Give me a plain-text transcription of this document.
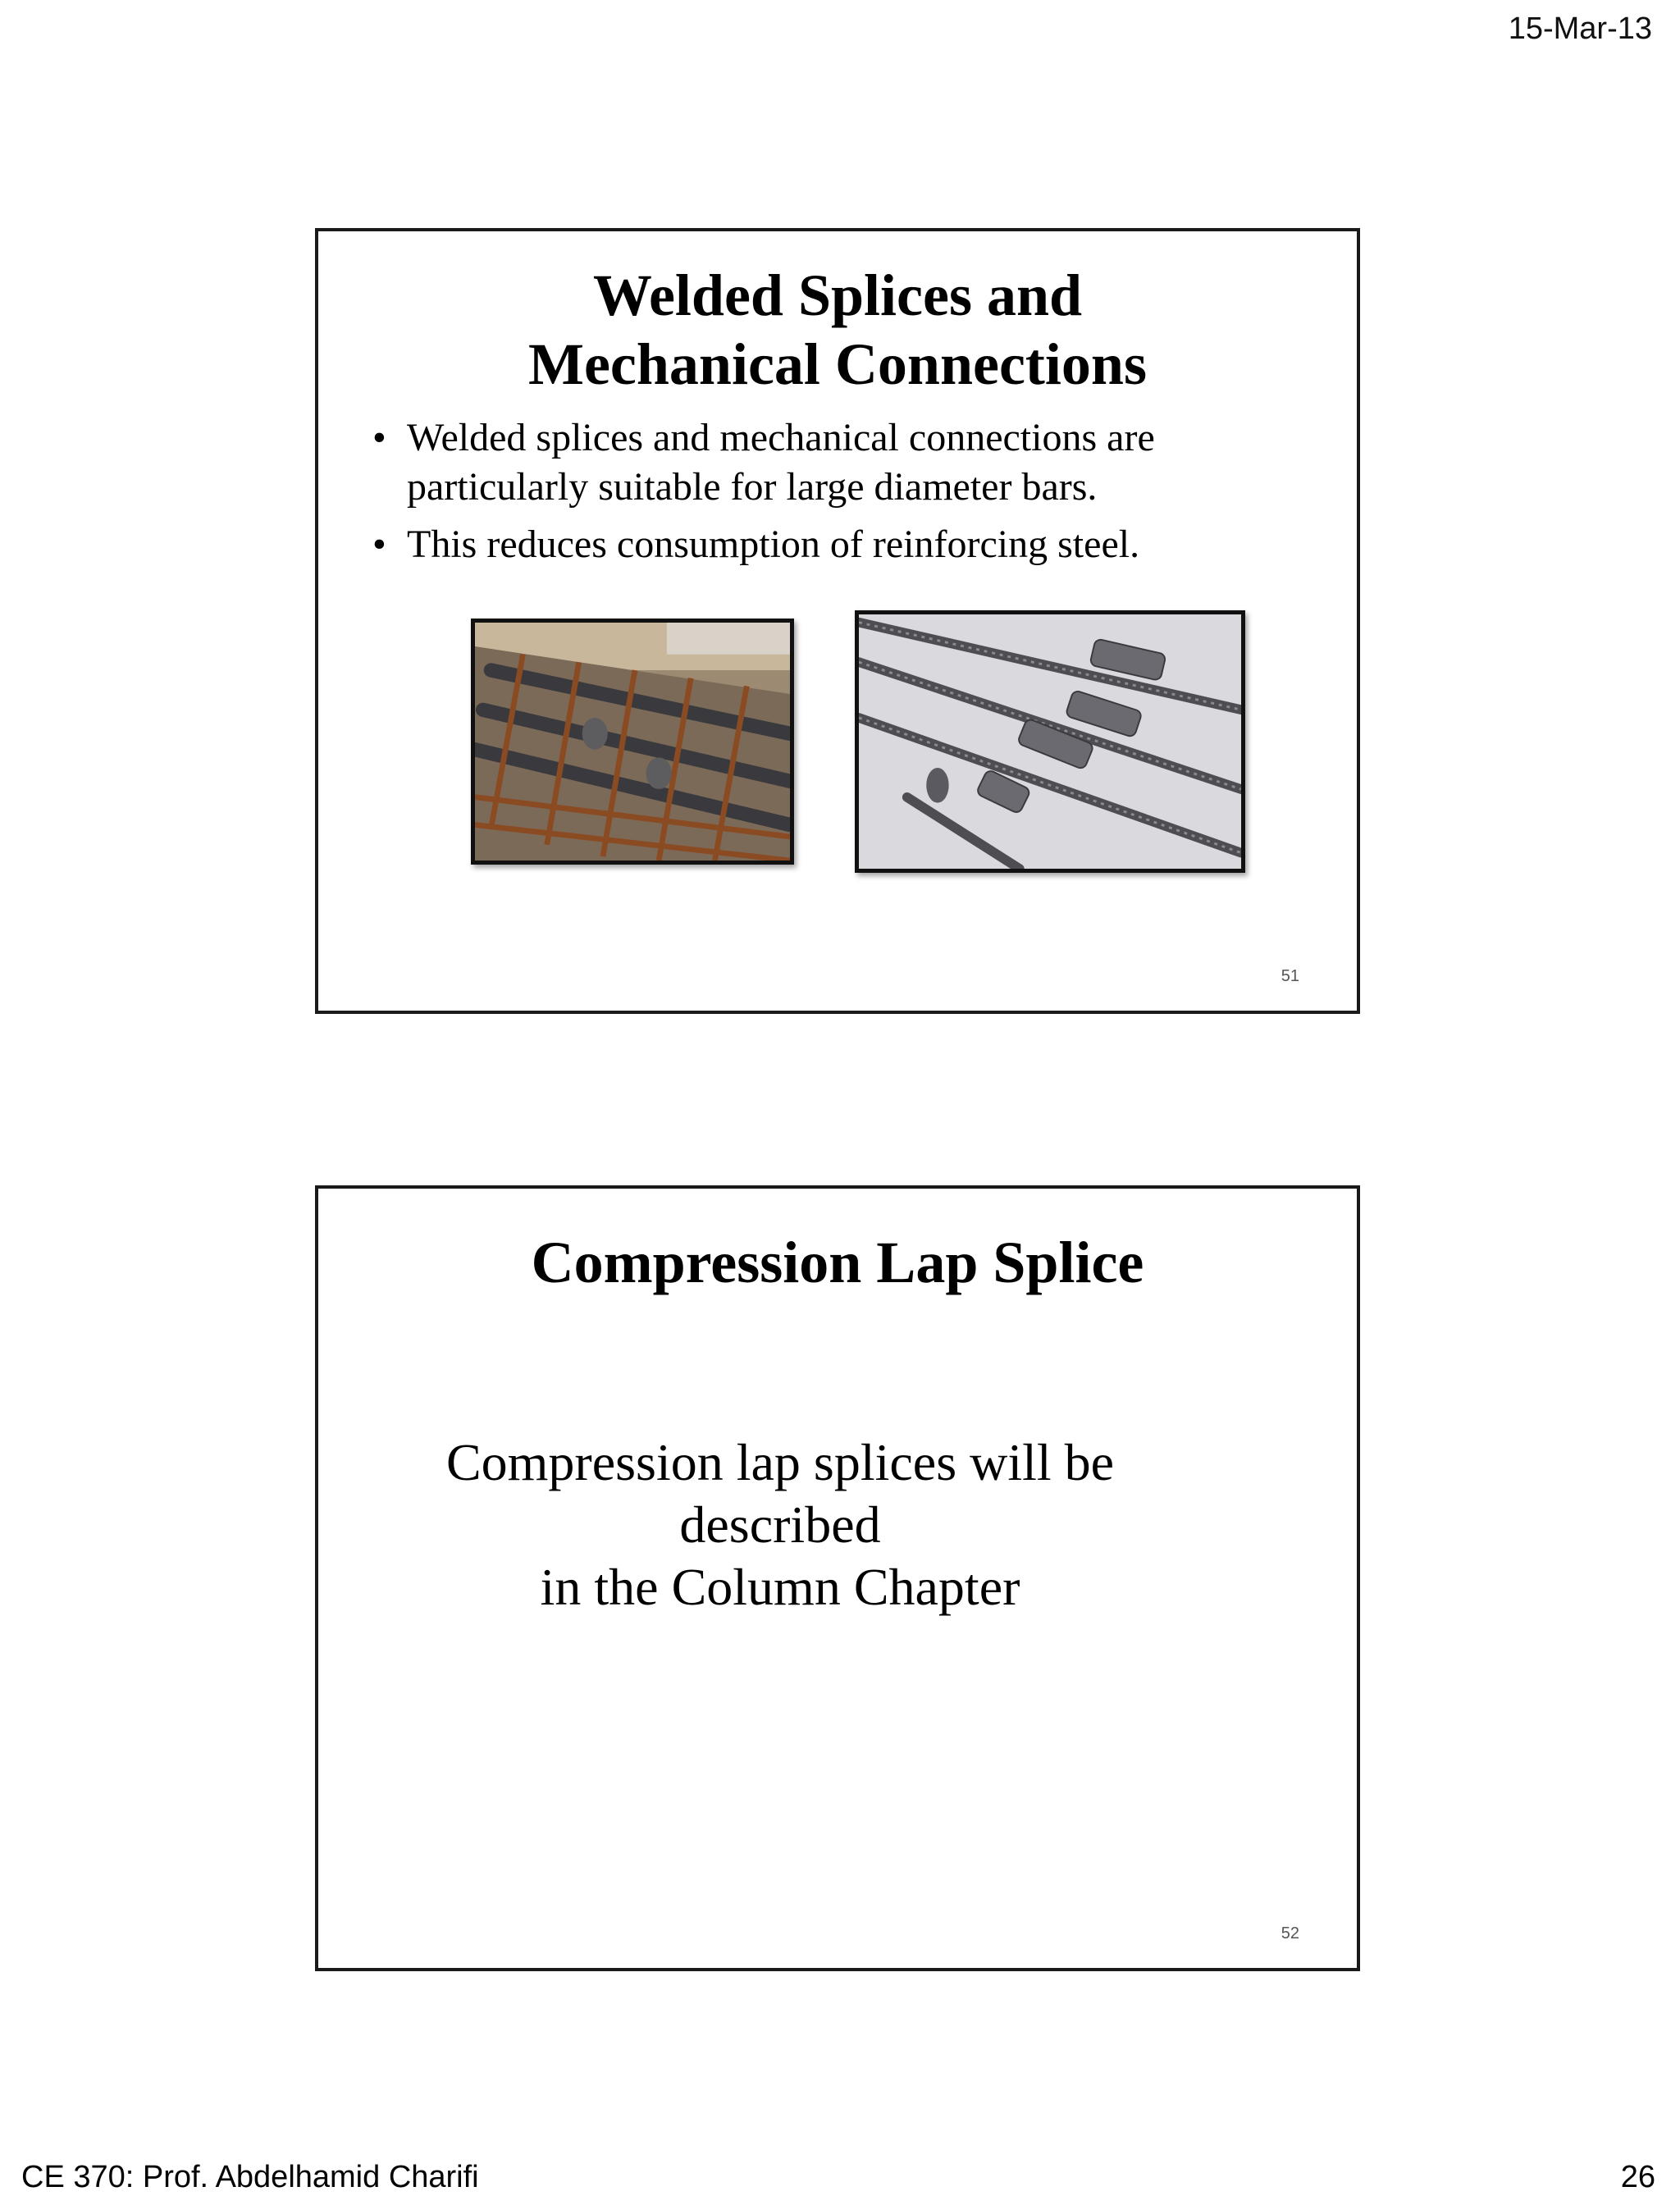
15-Mar-13
Welded Splices and
Mechanical Connections
• Welded splices and mechanical connections are particularly suitable for large diameter bars.
• This reduces consumption of reinforcing steel.
51
Compression Lap Splice
Compression lap splices will be described
in the Column Chapter
52
CE 370: Prof. Abdelhamid Charifi	26
